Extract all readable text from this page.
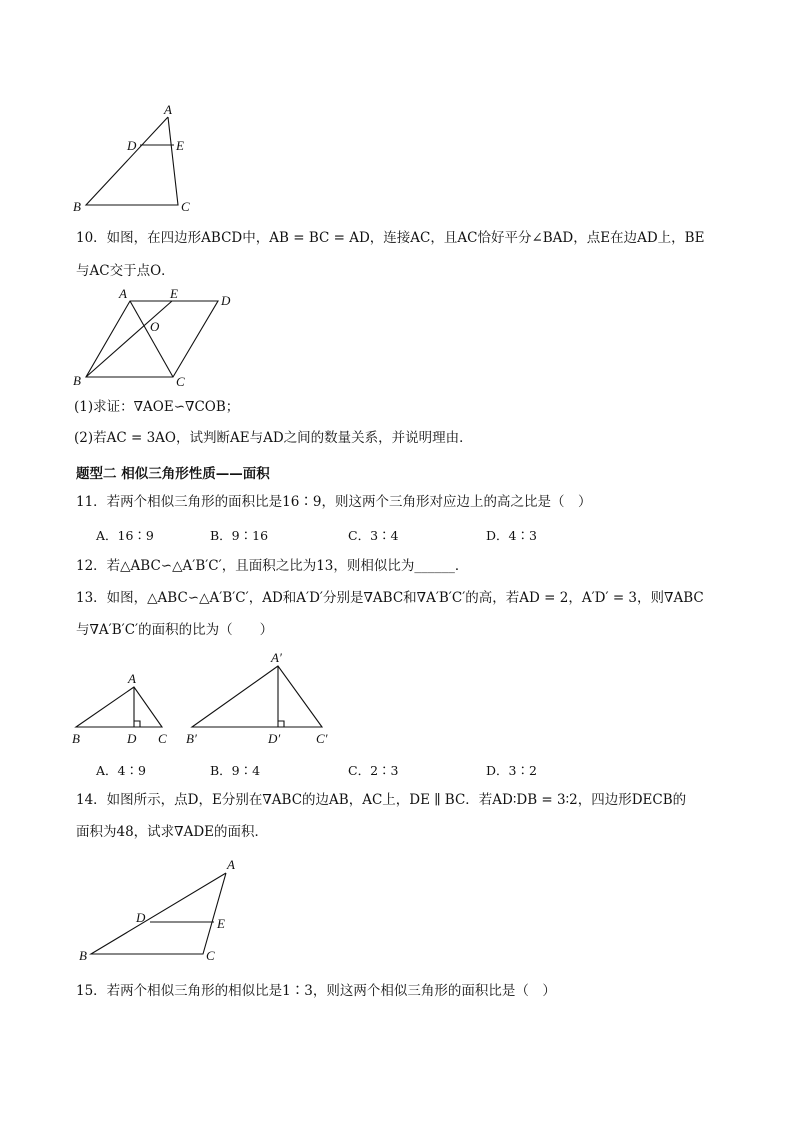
A
D	E
B	C
10．如图，在四边形ABCD中，AB = BC = AD，连接AC，且AC恰好平分∠BAD，点E在边AD上，BE
与AC交于点O．
A	E	D
O
B	C
(1)求证：∇AOE∽∇COB；
(2)若AC = 3AO，试判断AE与AD之间的数量关系，并说明理由．
题型二 相似三角形性质——面积
11．若两个相似三角形的面积比是16∶9，则这两个三角形对应边上的高之比是（　）
A．16∶9	B．9∶16	C．3∶4	D．4∶3
12．若△ABC∽△A′B′C′，且面积之比为13，则相似比为______．
13．如图，△ABC∽△A′B′C′，AD和A′D′分别是∇ABC和∇A′B′C′的高，若AD = 2，A′D′ = 3，则∇ABC
与∇A′B′C′的面积的比为（　　）
A
B	D C
A′
B′	D′	C′
A．4∶9	B．9∶4	C．2∶3	D．3∶2
14．如图所示，点D，E分别在∇ABC的边AB，AC上，DE ∥ BC．若AD∶DB = 3∶2，四边形DECB的
面积为48，试求∇ADE的面积．
A
D	E
B	C
15．若两个相似三角形的相似比是1∶3，则这两个相似三角形的面积比是（　）
